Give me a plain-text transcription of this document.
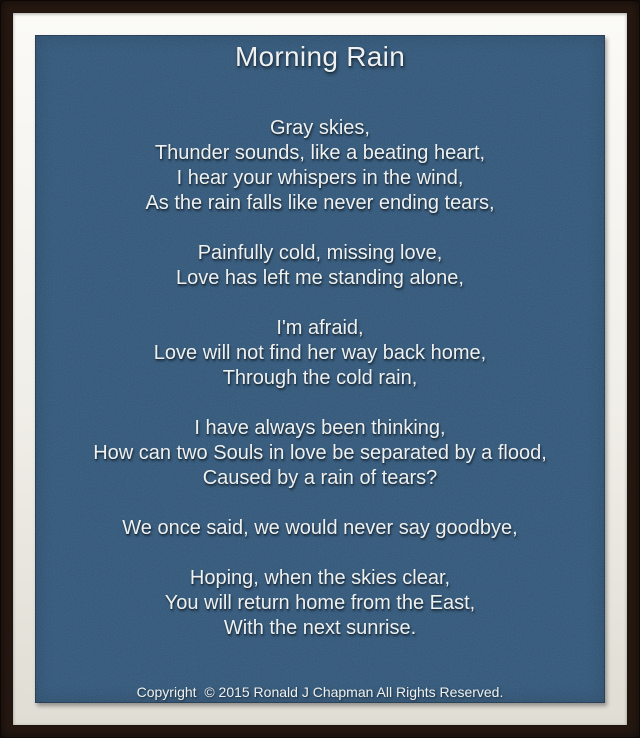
Morning Rain
Gray skies,
Thunder sounds, like a beating heart,
I hear your whispers in the wind,
As the rain falls like never ending tears,
Painfully cold, missing love,
Love has left me standing alone,
I'm afraid,
Love will not find her way back home,
Through the cold rain,
I have always been thinking,
How can two Souls in love be separated by a flood,
Caused by a rain of tears?
We once said, we would never say goodbye,
Hoping, when the skies clear,
You will return home from the East,
With the next sunrise.
Copyright  © 2015 Ronald J Chapman All Rights Reserved.
